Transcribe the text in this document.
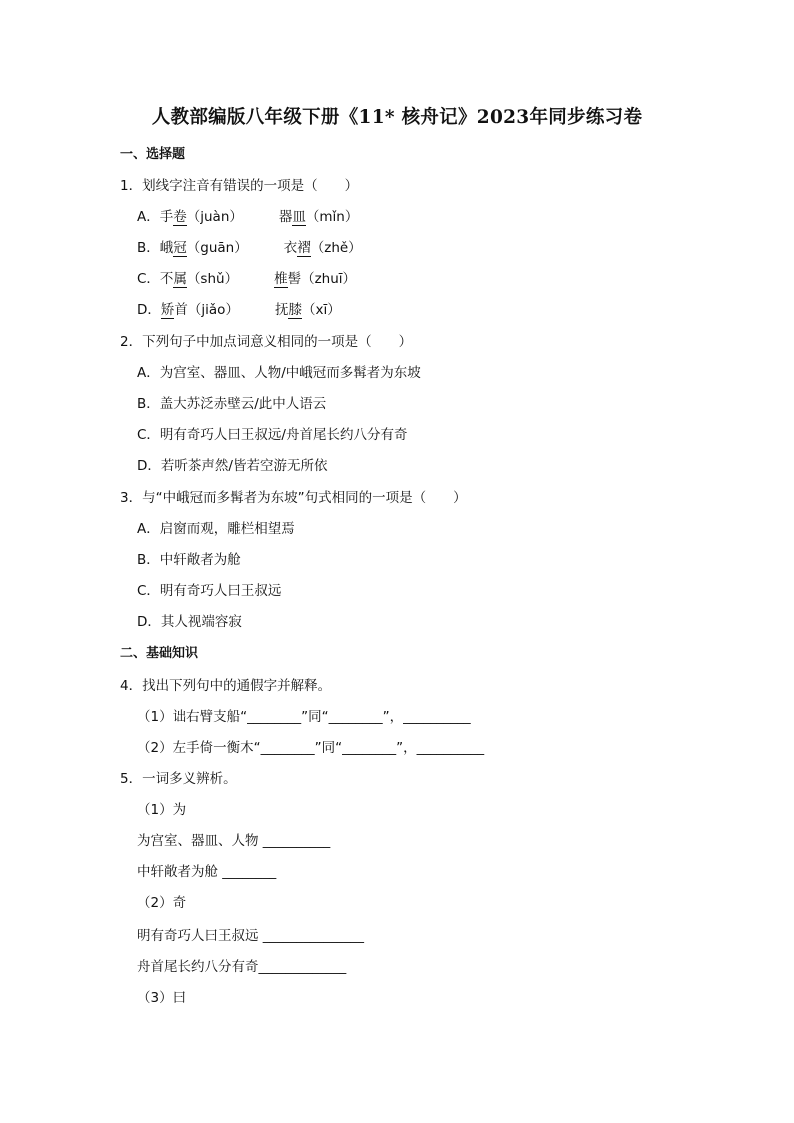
人教部编版八年级下册《11* 核舟记》2023年同步练习卷
一、选择题
1．划线字注音有错误的一项是（　　）
A．手卷（juàn）	器皿（mǐn）
B．峨冠（guān）	衣褶（zhě）
C．不属（shǔ）	椎髻（zhuī）
D．矫首（jiǎo）	抚膝（xī）
2．下列句子中加点词意义相同的一项是（　　）
A．为宫室、器皿、人物/中峨冠而多髯者为东坡
B．盖大苏泛赤壁云/此中人语云
C．明有奇巧人曰王叔远/舟首尾长约八分有奇
D．若听茶声然/皆若空游无所依
3．与“中峨冠而多髯者为东坡”句式相同的一项是（　　）
A．启窗而观，雕栏相望焉
B．中轩敞者为舱
C．明有奇巧人曰王叔远
D．其人视端容寂
二、基础知识
4．找出下列句中的通假字并解释。
（1）诎右臂支船“________”同“________”，__________
（2）左手倚一衡木“________”同“________”，__________
5．一词多义辨析。
（1）为
为宫室、器皿、人物 __________
中轩敞者为舱 ________
（2）奇
明有奇巧人曰王叔远 _______________
舟首尾长约八分有奇_____________
（3）曰
